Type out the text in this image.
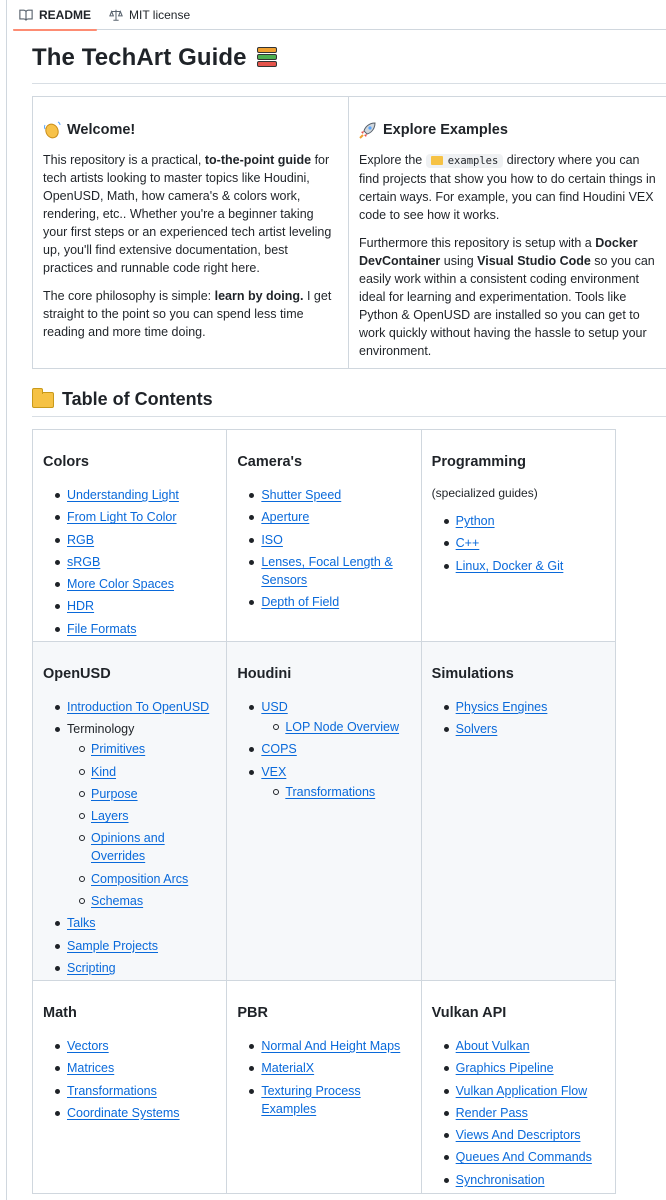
README	MIT license
The TechArt Guide
Welcome!

This repository is a practical, to-the-point guide for tech artists looking to master topics like Houdini, OpenUSD, Math, how camera's & colors work, rendering, etc.. Whether you're a beginner taking your first steps or an experienced tech artist leveling up, you'll find extensive documentation, best practices and runnable code right here.

The core philosophy is simple: learn by doing. I get straight to the point so you can spend less time reading and more time doing.

Explore Examples

Explore the examples directory where you can find projects that show you how to do certain things in certain ways. For example, you can find Houdini VEX code to see how it works.

Furthermore this repository is setup with a Docker DevContainer using Visual Studio Code so you can easily work within a consistent coding environment ideal for learning and experimentation. Tools like Python & OpenUSD are installed so you can get to work quickly without having the hassle to setup your environment.

Table of Contents
Colors
Understanding Light
From Light To Color
RGB
sRGB
More Color Spaces
HDR
File Formats
Camera's
Shutter Speed
Aperture
ISO
Lenses, Focal Length & Sensors
Depth of Field
Programming
(specialized guides)
Python
C++
Linux, Docker & Git
OpenUSD
Introduction To OpenUSD
Terminology
Primitives
Kind
Purpose
Layers
Opinions and Overrides
Composition Arcs
Schemas
Talks
Sample Projects
Scripting
Houdini
USD
LOP Node Overview
COPS
VEX
Transformations
Simulations
Physics Engines
Solvers
Math
Vectors
Matrices
Transformations
Coordinate Systems
PBR
Normal And Height Maps
MaterialX
Texturing Process Examples
Vulkan API
About Vulkan
Graphics Pipeline
Vulkan Application Flow
Render Pass
Views And Descriptors
Queues And Commands
Synchronisation
